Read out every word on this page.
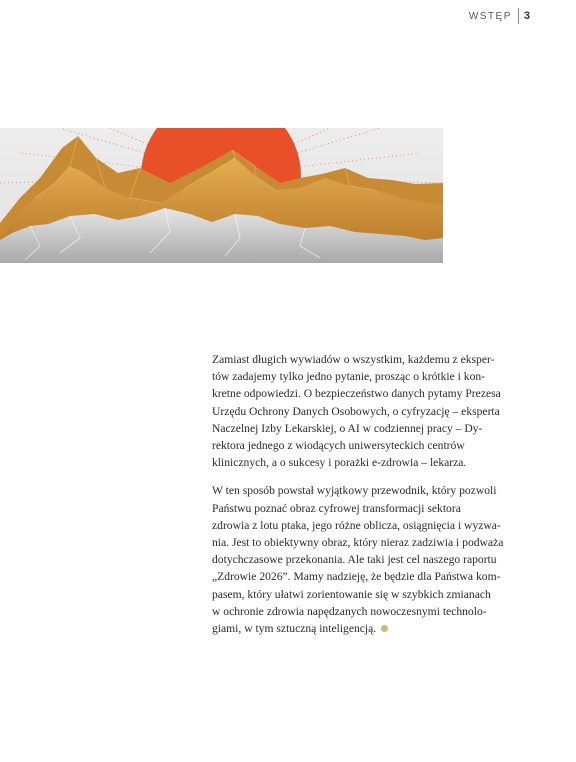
WSTĘP 3

Zamiast długich wywiadów o wszystkim, każdemu z eksper-
tów zadajemy tylko jedno pytanie, prosząc o krótkie i kon-
kretne odpowiedzi. O bezpieczeństwo danych pytamy Prezesa
Urzędu Ochrony Danych Osobowych, o cyfryzację – eksperta
Naczelnej Izby Lekarskiej, o AI w codziennej pracy – Dy-
rektora jednego z wiodących uniwersyteckich centrów
klinicznych, a o sukcesy i porażki e-zdrowia – lekarza.

W ten sposób powstał wyjątkowy przewodnik, który pozwoli
Państwu poznać obraz cyfrowej transformacji sektora
zdrowia z lotu ptaka, jego różne oblicza, osiągnięcia i wyzwa-
nia. Jest to obiektywny obraz, który nieraz zadziwia i podważa
dotychczasowe przekonania. Ale taki jest cel naszego raportu
„Zdrowie 2026”. Mamy nadzieję, że będzie dla Państwa kom-
pasem, który ułatwi zorientowanie się w szybkich zmianach
w ochronie zdrowia napędzanych nowoczesnymi technolo-
giami, w tym sztuczną inteligencją.
